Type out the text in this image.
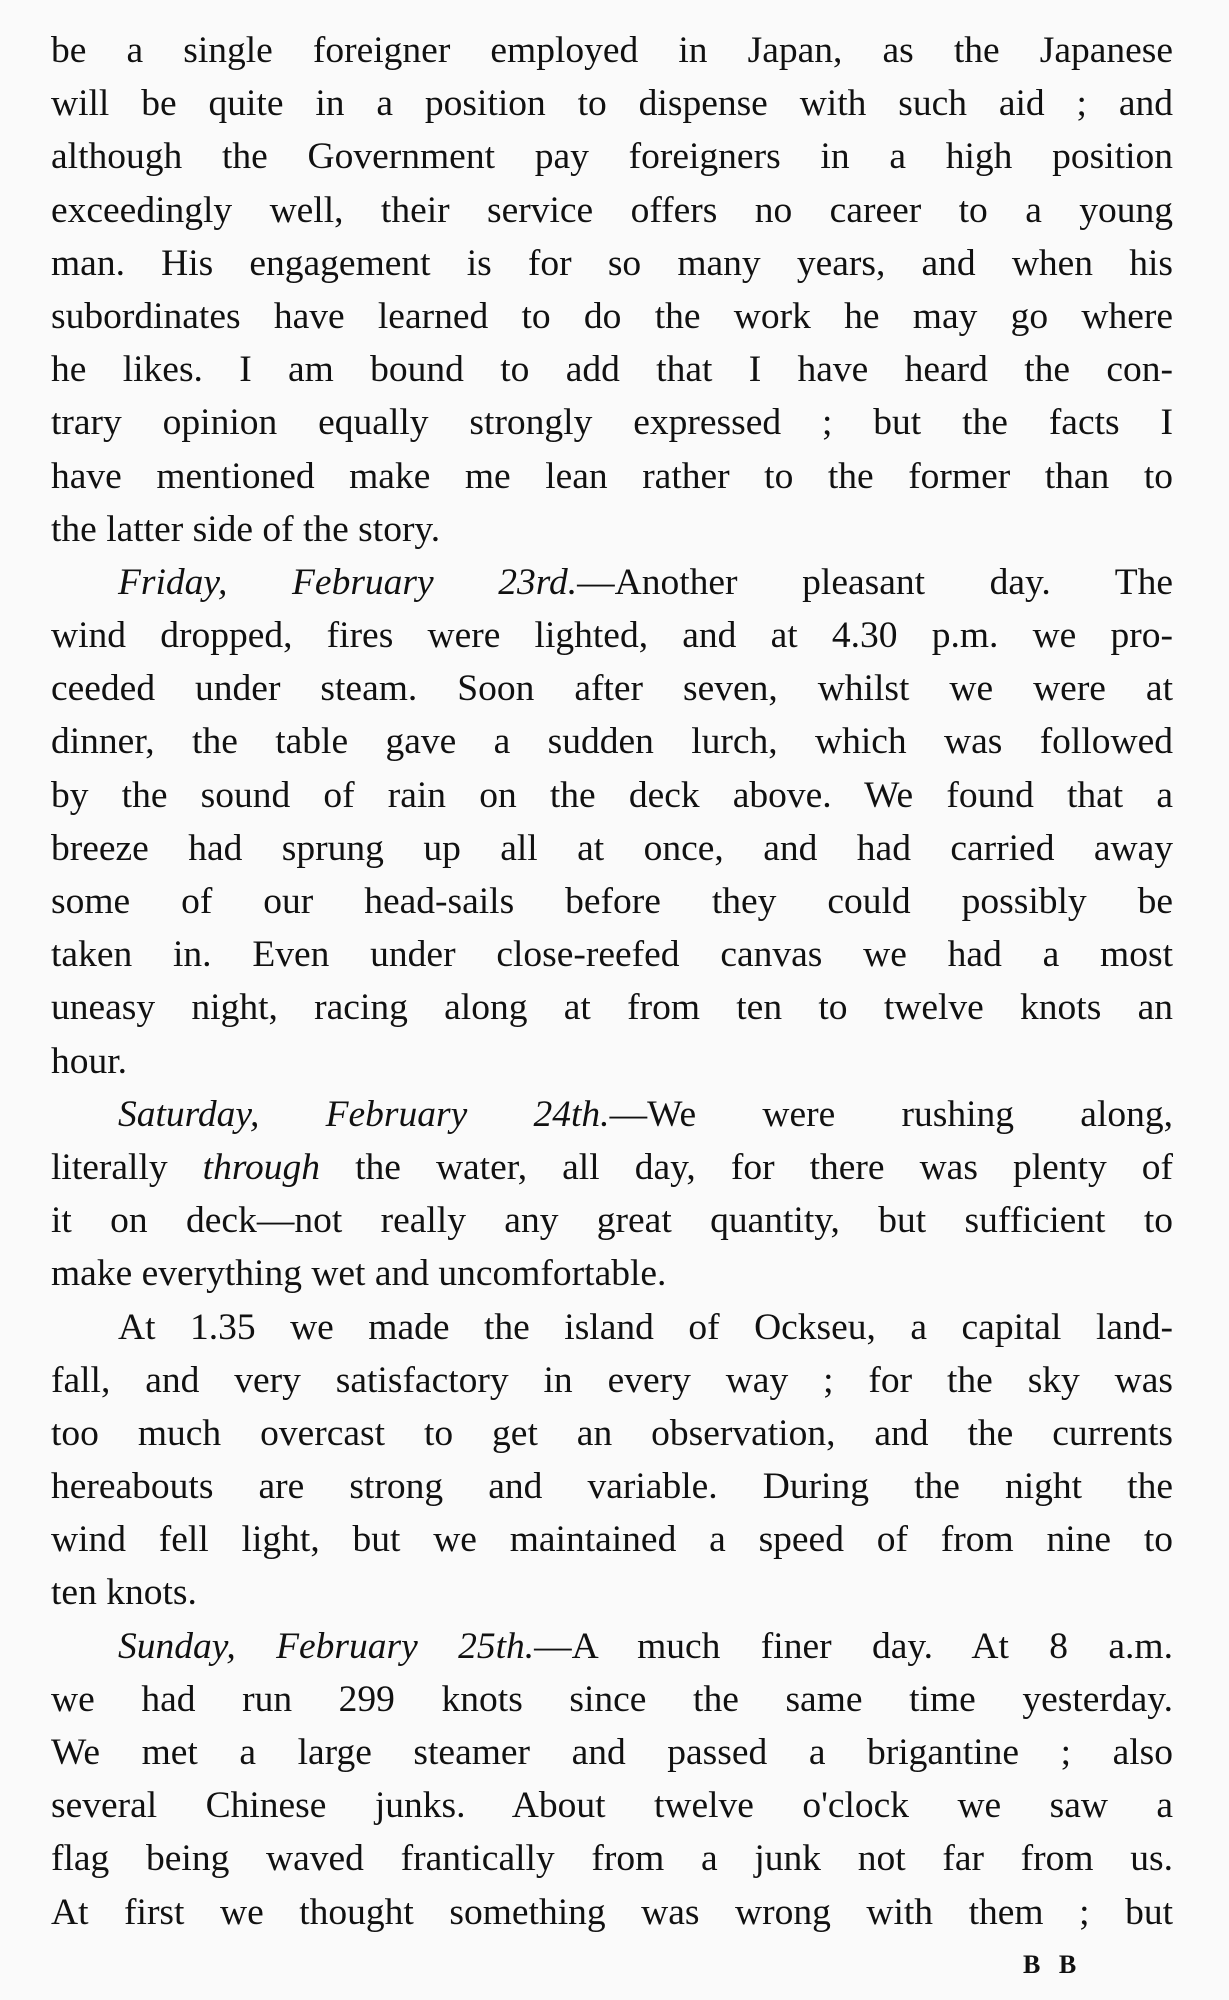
be a single foreigner employed in Japan, as the Japanese
will be quite in a position to dispense with such aid ; and
although the Government pay foreigners in a high position
exceedingly well, their service offers no career to a young
man. His engagement is for so many years, and when his
subordinates have learned to do the work he may go where
he likes. I am bound to add that I have heard the con-
trary opinion equally strongly expressed ; but the facts I
have mentioned make me lean rather to the former than to
the latter side of the story.
Friday, February 23rd.—Another pleasant day. The
wind dropped, fires were lighted, and at 4.30 p.m. we pro-
ceeded under steam. Soon after seven, whilst we were at
dinner, the table gave a sudden lurch, which was followed
by the sound of rain on the deck above. We found that a
breeze had sprung up all at once, and had carried away
some of our head-sails before they could possibly be
taken in. Even under close-reefed canvas we had a most
uneasy night, racing along at from ten to twelve knots an
hour.
Saturday, February 24th.—We were rushing along,
literally through the water, all day, for there was plenty of
it on deck—not really any great quantity, but sufficient to
make everything wet and uncomfortable.
At 1.35 we made the island of Ockseu, a capital land-
fall, and very satisfactory in every way ; for the sky was
too much overcast to get an observation, and the currents
hereabouts are strong and variable. During the night the
wind fell light, but we maintained a speed of from nine to
ten knots.
Sunday, February 25th.—A much finer day. At 8 a.m.
we had run 299 knots since the same time yesterday.
We met a large steamer and passed a brigantine ; also
several Chinese junks. About twelve o'clock we saw a
flag being waved frantically from a junk not far from us.
At first we thought something was wrong with them ; but
B B
